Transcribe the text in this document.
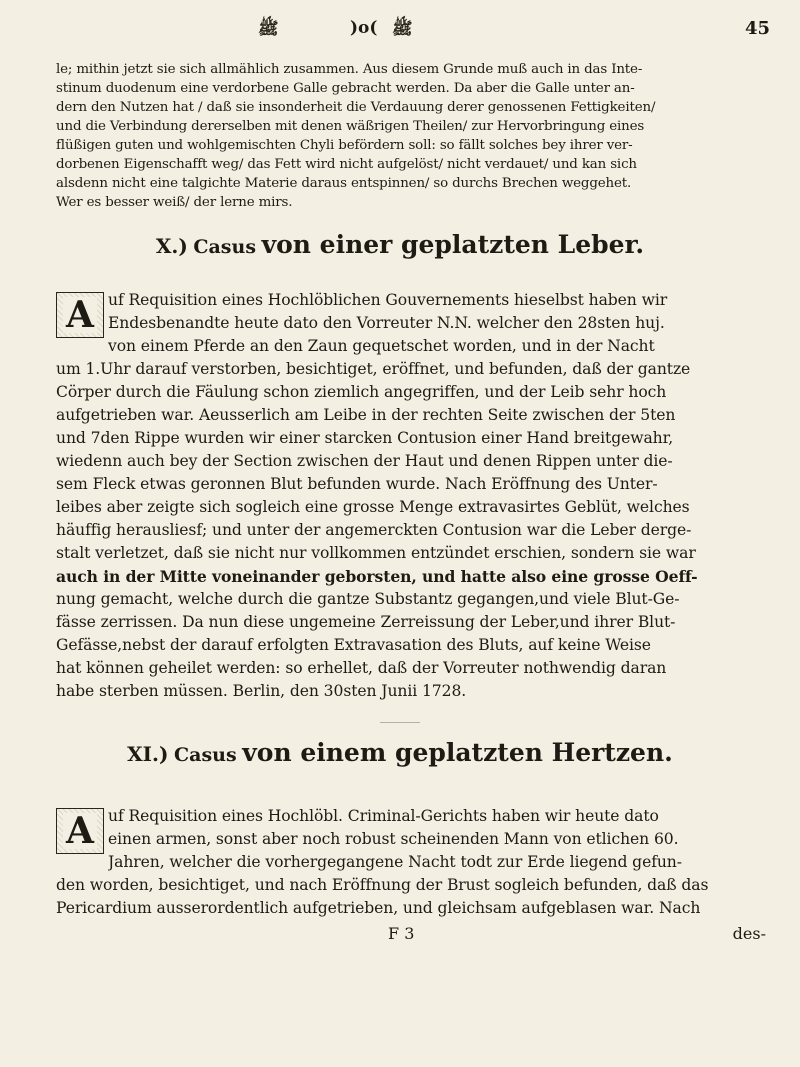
ﷺ	)o( ﷺ	45
le; mithin jetzt sie sich allmählich zusammen. Aus diesem Grunde muß auch in das Inte-
stinum duodenum eine verdorbene Galle gebracht werden. Da aber die Galle unter an-
dern den Nutzen hat / daß sie insonderheit die Verdauung derer genossenen Fettigkeiten/
und die Verbindung dererselben mit denen wäßrigen Theilen/ zur Hervorbringung eines
flüßigen guten und wohlgemischten Chyli befördern soll: so fällt solches bey ihrer ver-
dorbenen Eigenschafft weg/ das Fett wird nicht aufgelöst/ nicht verdauet/ und kan sich
alsdenn nicht eine talgichte Materie daraus entspinnen/ so durchs Brechen weggehet.
Wer es besser weiß/ der lerne mirs.
X.) Casus von einer geplatzten Leber.
A uf Requisition eines Hochlöblichen Gouvernements hieselbst haben wir
Endesbenandte heute dato den Vorreuter N.N. welcher den 28sten huj.
von einem Pferde an den Zaun gequetschet worden, und in der Nacht
um 1.Uhr darauf verstorben, besichtiget, eröffnet, und befunden, daß der gantze
Cörper durch die Fäulung schon ziemlich angegriffen, und der Leib sehr hoch
aufgetrieben war. Aeusserlich am Leibe in der rechten Seite zwischen der 5ten
und 7den Rippe wurden wir einer starcken Contusion einer Hand breitgewahr,
wiedenn auch bey der Section zwischen der Haut und denen Rippen unter die-
sem Fleck etwas geronnen Blut befunden wurde. Nach Eröffnung des Unter-
leibes aber zeigte sich sogleich eine grosse Menge extravasirtes Geblüt, welches
häuffig herausliesf; und unter der angemerckten Contusion war die Leber derge-
stalt verletzet, daß sie nicht nur vollkommen entzündet erschien, sondern sie war
auch in der Mitte voneinander geborsten, und hatte also eine grosse Oeff-
nung gemacht, welche durch die gantze Substantz gegangen,und viele Blut-Ge-
fässe zerrissen. Da nun diese ungemeine Zerreissung der Leber,und ihrer Blut-
Gefässe,nebst der darauf erfolgten Extravasation des Bluts, auf keine Weise
hat können geheilet werden: so erhellet, daß der Vorreuter nothwendig daran
habe sterben müssen. Berlin, den 30sten Junii 1728.
XI.) Casus von einem geplatzten Hertzen.
A uf Requisition eines Hochlöbl. Criminal-Gerichts haben wir heute dato
einen armen, sonst aber noch robust scheinenden Mann von etlichen 60.
Jahren, welcher die vorhergegangene Nacht todt zur Erde liegend gefun-
den worden, besichtiget, und nach Eröffnung der Brust sogleich befunden, daß das
Pericardium ausserordentlich aufgetrieben, und gleichsam aufgeblasen war. Nach
F 3	des-
